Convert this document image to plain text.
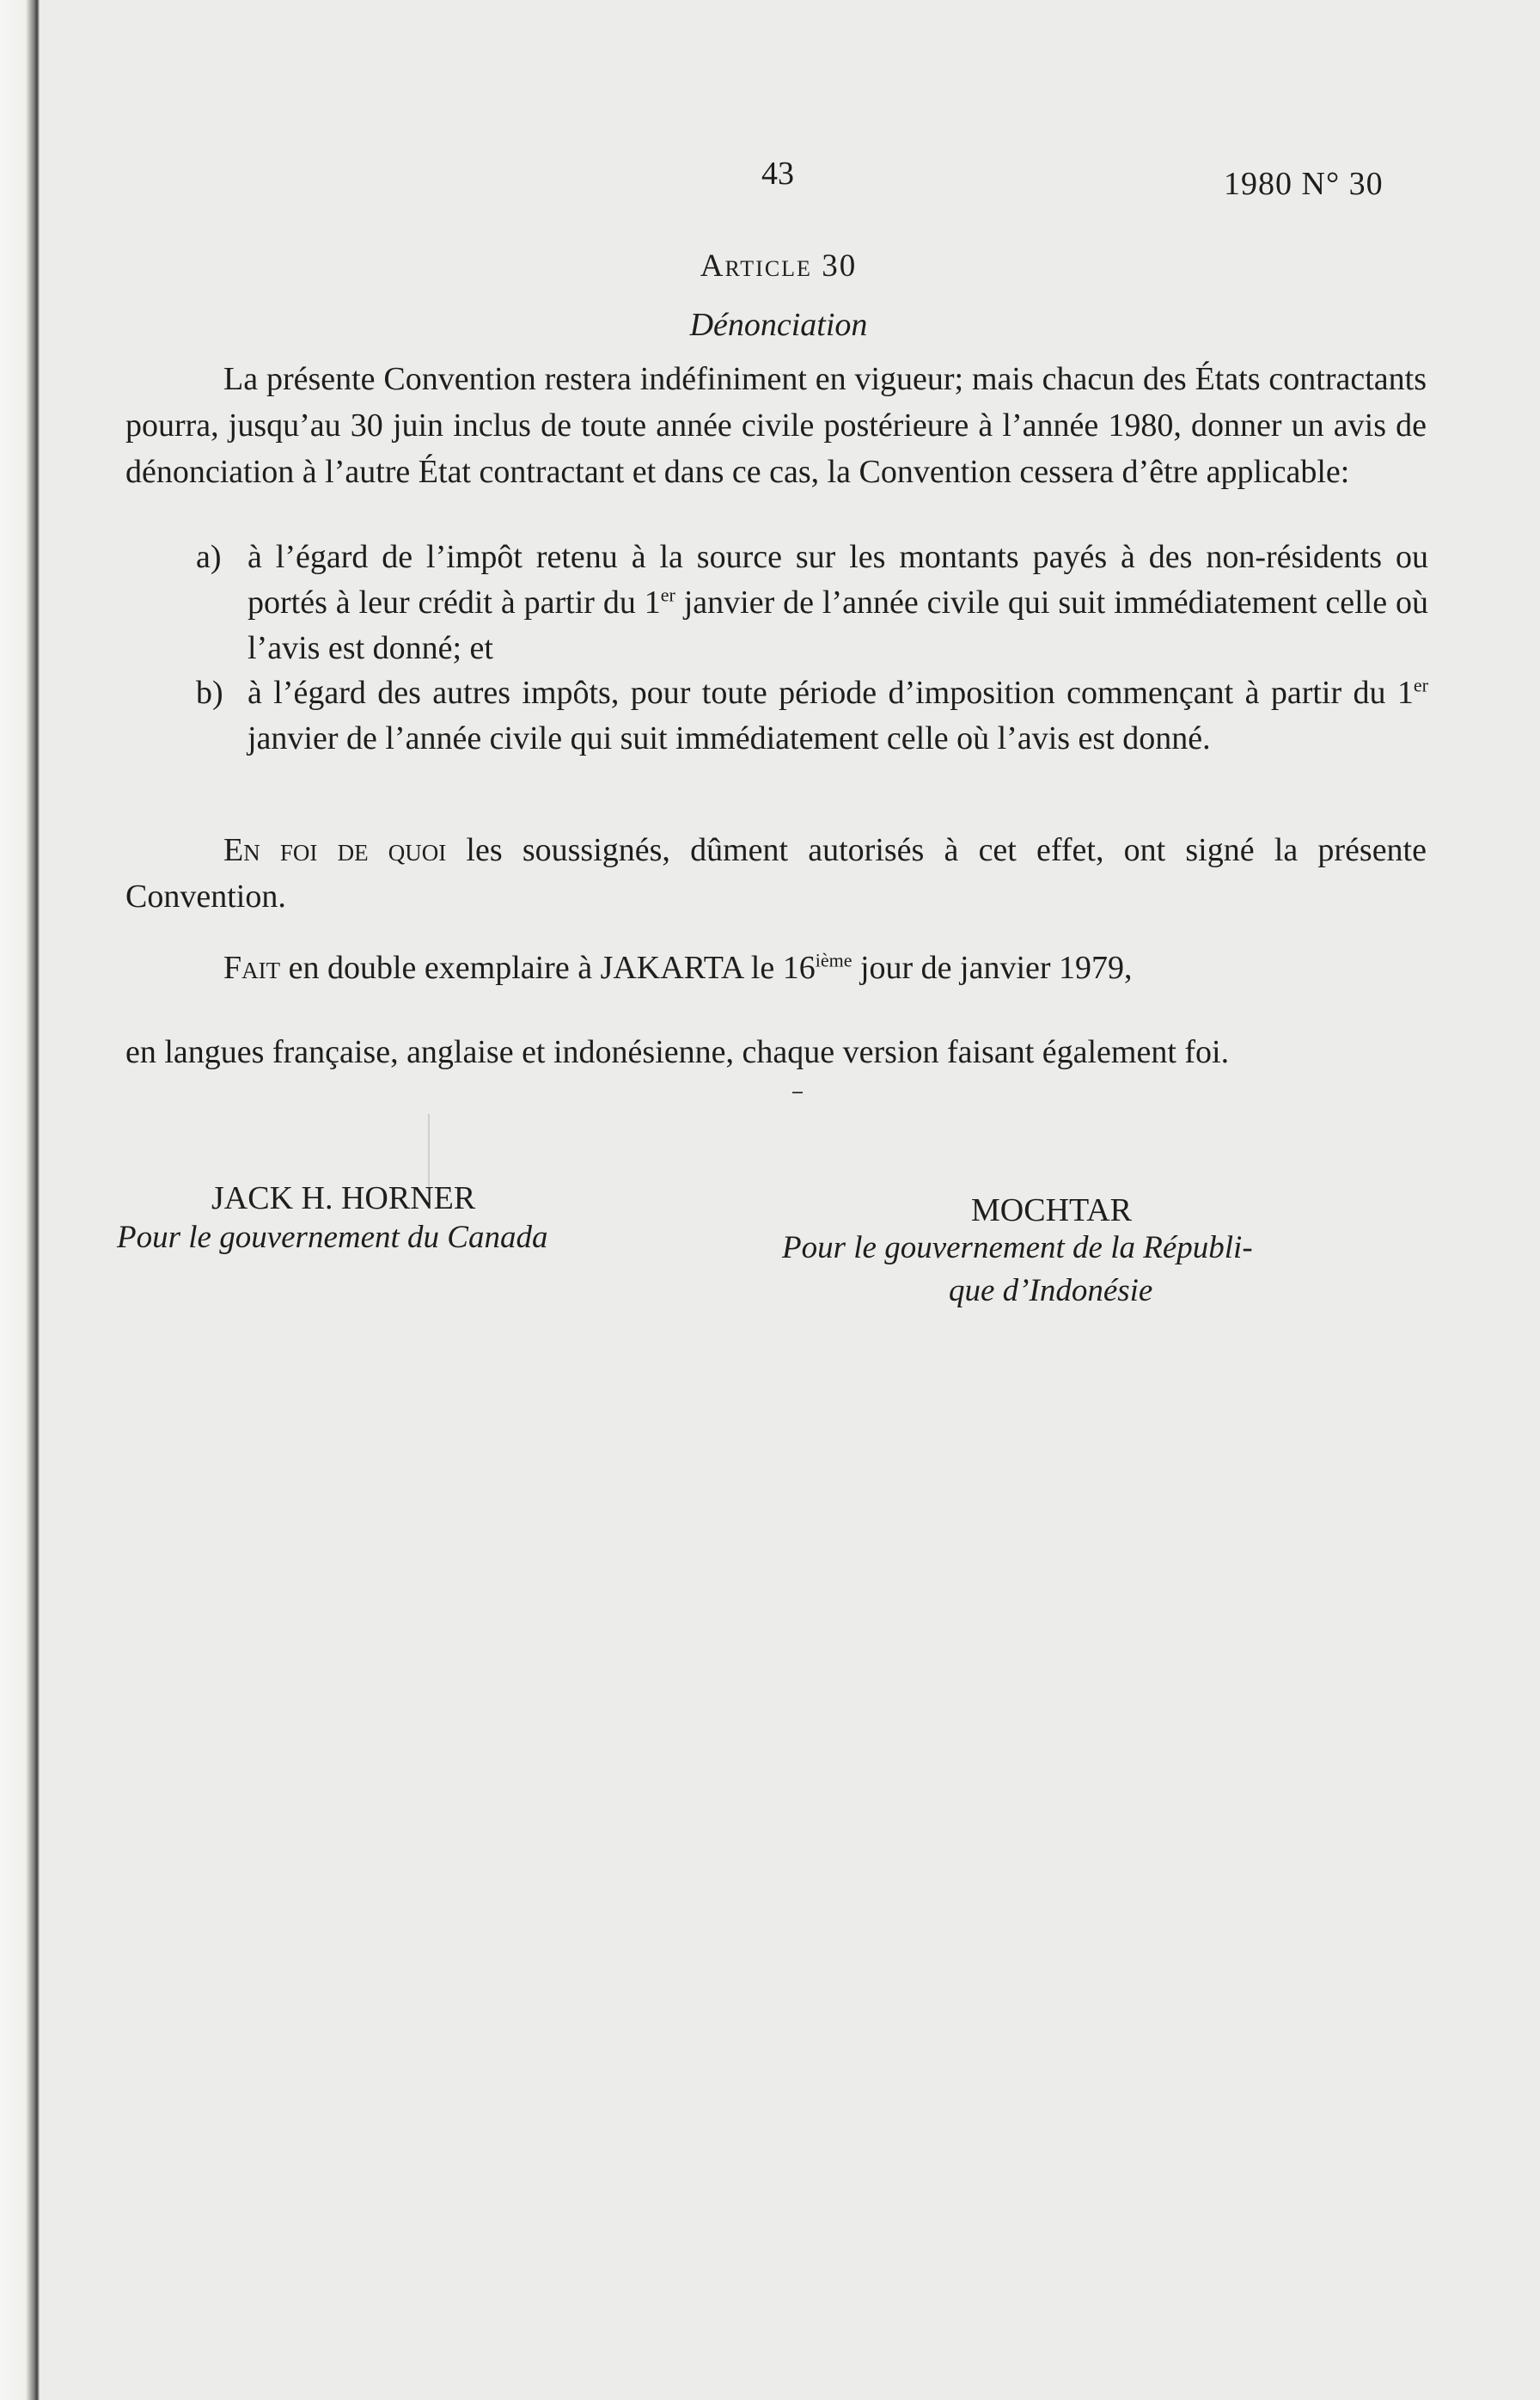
43	1980 N° 30
Article 30
Dénonciation
La présente Convention restera indéfiniment en vigueur; mais chacun des États contractants pourra, jusqu’au 30 juin inclus de toute année civile postérieure à l’année 1980, donner un avis de dénonciation à l’autre État contractant et dans ce cas, la Convention cessera d’être applicable:
a) à l’égard de l’impôt retenu à la source sur les montants payés à des non-résidents ou portés à leur crédit à partir du 1er janvier de l’année civile qui suit immédiatement celle où l’avis est donné; et
b) à l’égard des autres impôts, pour toute période d’imposition commençant à partir du 1er janvier de l’année civile qui suit immédiatement celle où l’avis est donné.
En foi de quoi les soussignés, dûment autorisés à cet effet, ont signé la présente Convention.
Fait en double exemplaire à JAKARTA le 16ième jour de janvier 1979,
en langues française, anglaise et indonésienne, chaque version faisant également foi.
JACK H. HORNER
Pour le gouvernement du Canada
MOCHTAR
Pour le gouvernement de la Républi-
que d’Indonésie
